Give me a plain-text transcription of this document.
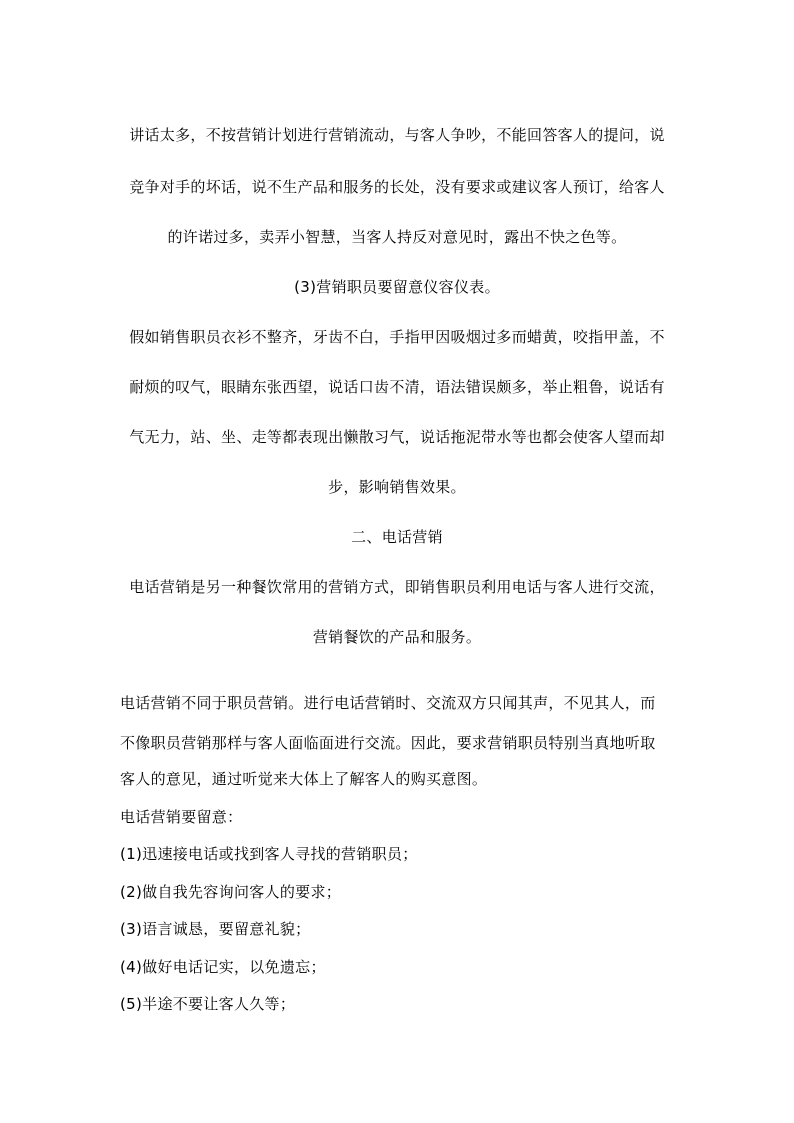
讲话太多，不按营销计划进行营销流动，与客人争吵，不能回答客人的提问，说
竞争对手的坏话，说不生产品和服务的长处，没有要求或建议客人预订，给客人
的许诺过多，卖弄小智慧，当客人持反对意见时，露出不快之色等。
(3)营销职员要留意仪容仪表。
假如销售职员衣衫不整齐，牙齿不白，手指甲因吸烟过多而蜡黄，咬指甲盖，不
耐烦的叹气，眼睛东张西望，说话口齿不清，语法错误颇多，举止粗鲁，说话有
气无力，站、坐、走等都表现出懒散习气，说话拖泥带水等也都会使客人望而却
步，影响销售效果。
二、电话营销
电话营销是另一种餐饮常用的营销方式，即销售职员利用电话与客人进行交流，
营销餐饮的产品和服务。
电话营销不同于职员营销。进行电话营销时、交流双方只闻其声，不见其人，而
不像职员营销那样与客人面临面进行交流。因此，要求营销职员特别当真地听取
客人的意见，通过听觉来大体上了解客人的购买意图。
电话营销要留意：
(1)迅速接电话或找到客人寻找的营销职员；
(2)做自我先容询问客人的要求；
(3)语言诚恳，要留意礼貌；
(4)做好电话记实，以免遗忘；
(5)半途不要让客人久等；
